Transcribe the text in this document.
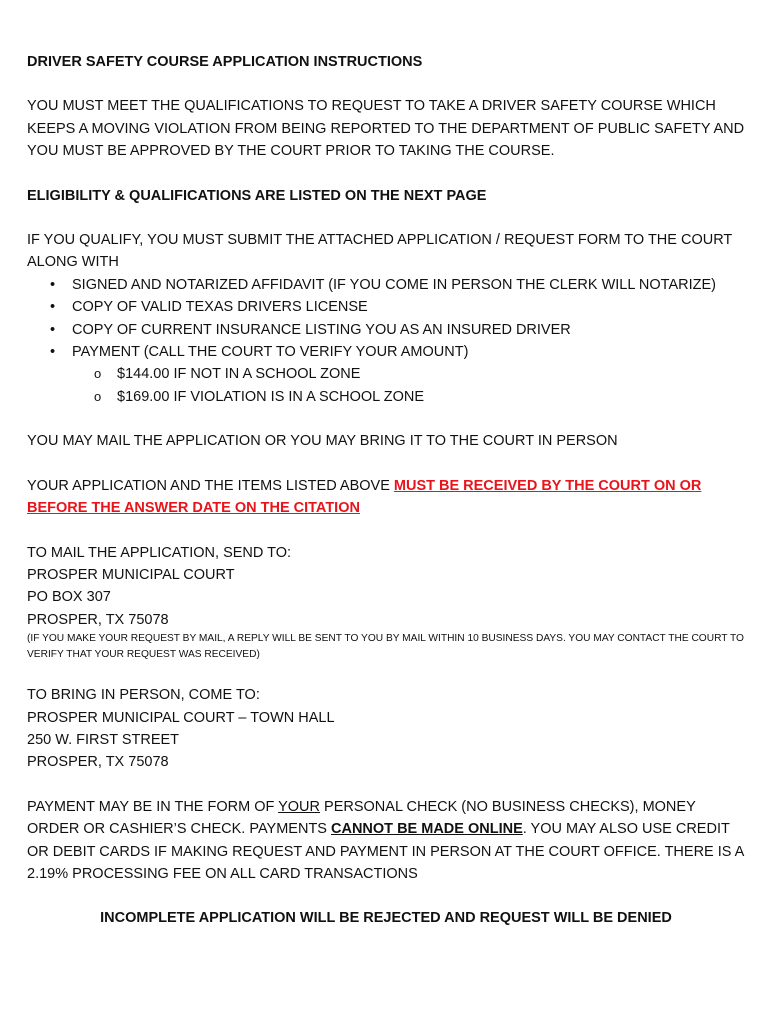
DRIVER SAFETY COURSE APPLICATION INSTRUCTIONS

YOU MUST MEET THE QUALIFICATIONS TO REQUEST TO TAKE A DRIVER SAFETY COURSE WHICH KEEPS A MOVING VIOLATION FROM BEING REPORTED TO THE DEPARTMENT OF PUBLIC SAFETY AND YOU MUST BE APPROVED BY THE COURT PRIOR TO TAKING THE COURSE.

ELIGIBILITY & QUALIFICATIONS ARE LISTED ON THE NEXT PAGE

IF YOU QUALIFY, YOU MUST SUBMIT THE ATTACHED APPLICATION / REQUEST FORM TO THE COURT ALONG WITH

• SIGNED AND NOTARIZED AFFIDAVIT (IF YOU COME IN PERSON THE CLERK WILL NOTARIZE)
• COPY OF VALID TEXAS DRIVERS LICENSE
• COPY OF CURRENT INSURANCE LISTING YOU AS AN INSURED DRIVER
• PAYMENT (CALL THE COURT TO VERIFY YOUR AMOUNT)
o $144.00 IF NOT IN A SCHOOL ZONE
o $169.00 IF VIOLATION IS IN A SCHOOL ZONE

YOU MAY MAIL THE APPLICATION OR YOU MAY BRING IT TO THE COURT IN PERSON

YOUR APPLICATION AND THE ITEMS LISTED ABOVE MUST BE RECEIVED BY THE COURT ON OR BEFORE THE ANSWER DATE ON THE CITATION

TO MAIL THE APPLICATION, SEND TO:

PROSPER MUNICIPAL COURT

PO BOX 307

PROSPER, TX 75078

(IF YOU MAKE YOUR REQUEST BY MAIL, A REPLY WILL BE SENT TO YOU BY MAIL WITHIN 10 BUSINESS DAYS. YOU MAY CONTACT THE COURT TO VERIFY THAT YOUR REQUEST WAS RECEIVED)

TO BRING IN PERSON, COME TO:

PROSPER MUNICIPAL COURT – TOWN HALL

250 W. FIRST STREET

PROSPER, TX 75078

PAYMENT MAY BE IN THE FORM OF YOUR PERSONAL CHECK (NO BUSINESS CHECKS), MONEY ORDER OR CASHIER’S CHECK. PAYMENTS CANNOT BE MADE ONLINE. YOU MAY ALSO USE CREDIT OR DEBIT CARDS IF MAKING REQUEST AND PAYMENT IN PERSON AT THE COURT OFFICE. THERE IS A 2.19% PROCESSING FEE ON ALL CARD TRANSACTIONS

INCOMPLETE APPLICATION WILL BE REJECTED AND REQUEST WILL BE DENIED
